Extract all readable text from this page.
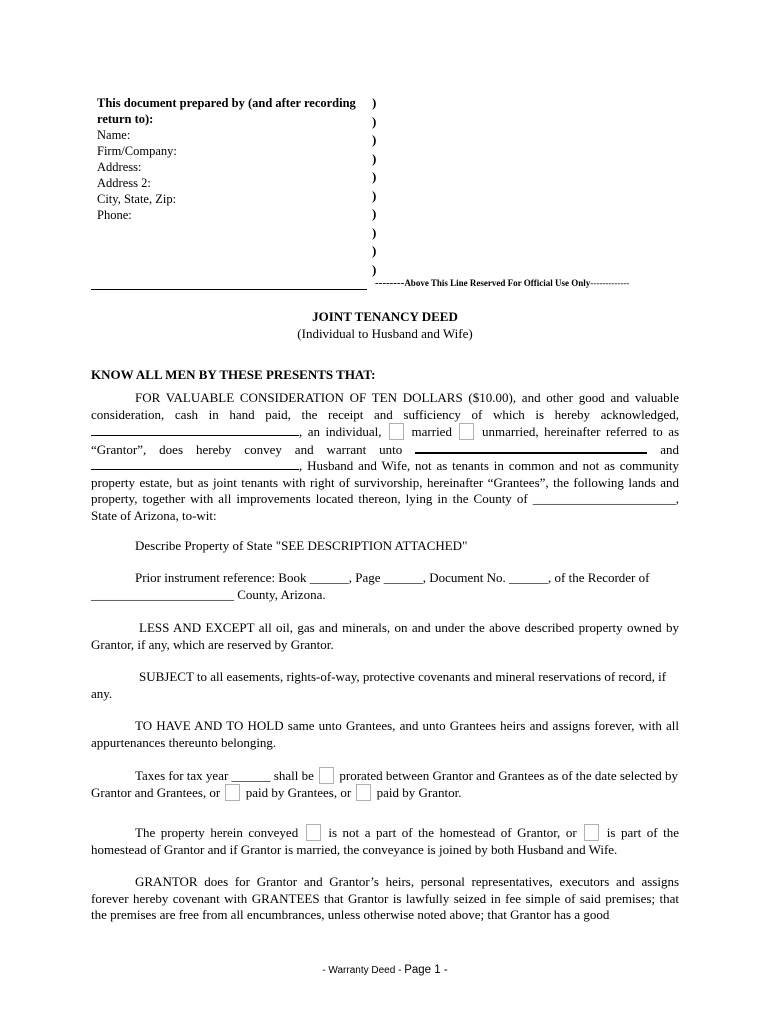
This document prepared by (and after recording
return to):
Name:
Firm/Company:
Address:
Address 2:
City, State, Zip:
Phone:
)
)
)
)
)
)
)
)
)
)
--------Above This Line Reserved For Official Use Only-------------
JOINT TENANCY DEED
(Individual to Husband and Wife)
KNOW ALL MEN BY THESE PRESENTS THAT:
FOR VALUABLE CONSIDERATION OF TEN DOLLARS ($10.00), and other good and valuable consideration, cash in hand paid, the receipt and sufficiency of which is hereby acknowledged, , an individual, married unmarried, hereinafter referred to as “Grantor”, does hereby convey and warrant unto	and , Husband and Wife, not as tenants in common and not as community property estate, but as joint tenants with right of survivorship, hereinafter “Grantees”, the following lands and property, together with all improvements located thereon, lying in the County of ______________________, State of Arizona, to-wit:
Describe Property of State "SEE DESCRIPTION ATTACHED"
Prior instrument reference: Book ______, Page ______, Document No. ______, of the Recorder of
______________________ County, Arizona.
LESS AND EXCEPT all oil, gas and minerals, on and under the above described property owned by Grantor, if any, which are reserved by Grantor.
SUBJECT to all easements, rights-of-way, protective covenants and mineral reservations of record, if any.
TO HAVE AND TO HOLD same unto Grantees, and unto Grantees heirs and assigns forever, with all appurtenances thereunto belonging.
Taxes for tax year ______ shall be prorated between Grantor and Grantees as of the date selected by Grantor and Grantees, or paid by Grantees, or paid by Grantor.
The property herein conveyed is not a part of the homestead of Grantor, or is part of the homestead of Grantor and if Grantor is married, the conveyance is joined by both Husband and Wife.
GRANTOR does for Grantor and Grantor’s heirs, personal representatives, executors and assigns forever hereby covenant with GRANTEES that Grantor is lawfully seized in fee simple of said premises; that the premises are free from all encumbrances, unless otherwise noted above; that Grantor has a good
- Warranty Deed - Page 1 -
